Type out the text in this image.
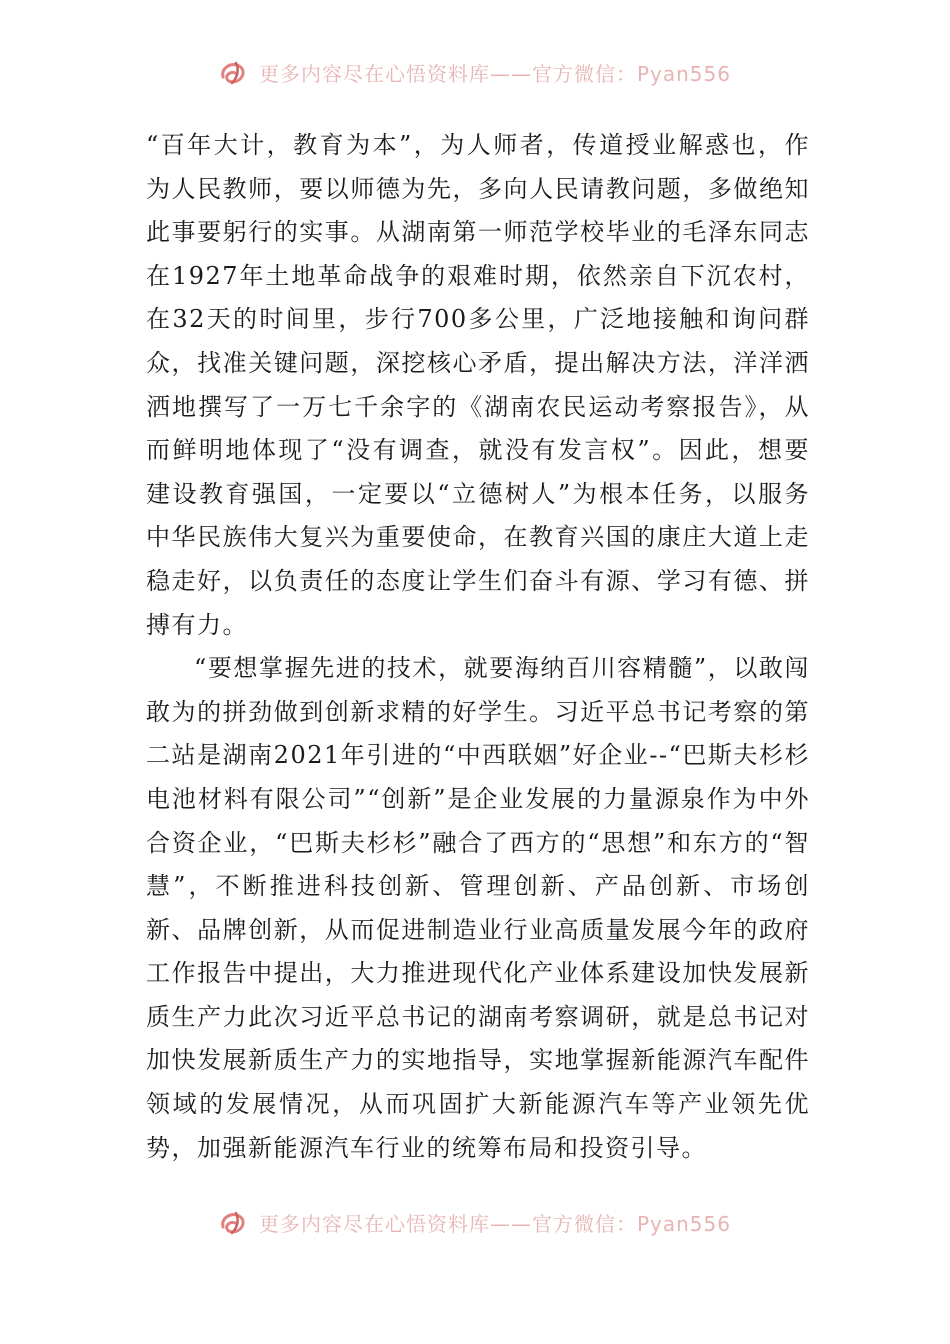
更多内容尽在心悟资料库——官方微信：Pyan556

“百年大计，教育为本”，为人师者，传道授业解惑也，作为人民教师，要以师德为先，多向人民请教问题，多做绝知此事要躬行的实事。从湖南第一师范学校毕业的毛泽东同志在1927年土地革命战争的艰难时期，依然亲自下沉农村，在32天的时间里，步行700多公里，广泛地接触和询问群众，找准关键问题，深挖核心矛盾，提出解决方法，洋洋洒洒地撰写了一万七千余字的《湖南农民运动考察报告》，从而鲜明地体现了“没有调查，就没有发言权”。因此，想要建设教育强国，一定要以“立德树人”为根本任务，以服务中华民族伟大复兴为重要使命，在教育兴国的康庄大道上走稳走好，以负责任的态度让学生们奋斗有源、学习有德、拼搏有力。

“要想掌握先进的技术，就要海纳百川容精髓”，以敢闯敢为的拼劲做到创新求精的好学生。习近平总书记考察的第二站是湖南2021年引进的“中西联姻”好企业--“巴斯夫杉杉电池材料有限公司”“创新”是企业发展的力量源泉作为中外合资企业，“巴斯夫杉杉”融合了西方的“思想”和东方的“智慧”，不断推进科技创新、管理创新、产品创新、市场创新、品牌创新，从而促进制造业行业高质量发展今年的政府工作报告中提出，大力推进现代化产业体系建设加快发展新质生产力此次习近平总书记的湖南考察调研，就是总书记对加快发展新质生产力的实地指导，实地掌握新能源汽车配件领域的发展情况，从而巩固扩大新能源汽车等产业领先优势，加强新能源汽车行业的统筹布局和投资引导。

更多内容尽在心悟资料库——官方微信：Pyan556
